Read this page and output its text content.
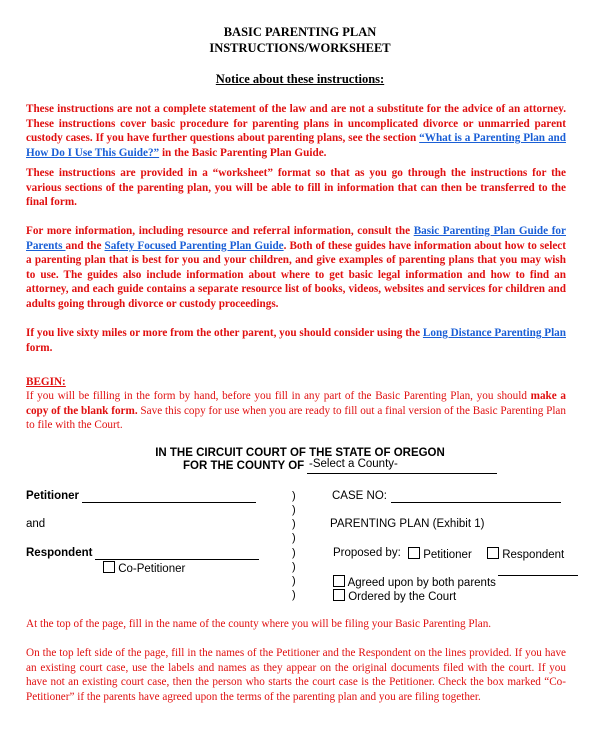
BASIC PARENTING PLAN
INSTRUCTIONS/WORKSHEET
Notice about these instructions:
These instructions are not a complete statement of the law and are not a substitute for the advice of an attorney. These instructions cover basic procedure for parenting plans in uncomplicated divorce or unmarried parent custody cases. If you have further questions about parenting plans, see the section “What is a Parenting Plan and How Do I Use This Guide?” in the Basic Parenting Plan Guide.
These instructions are provided in a “worksheet” format so that as you go through the instructions for the various sections of the parenting plan, you will be able to fill in information that can then be transferred to the final form.
For more information, including resource and referral information, consult the Basic Parenting Plan Guide for Parents and the Safety Focused Parenting Plan Guide. Both of these guides have information about how to select a parenting plan that is best for you and your children, and give examples of parenting plans that you may wish to use. The guides also include information about where to get basic legal information and how to find an attorney, and each guide contains a separate resource list of books, videos, websites and services for children and adults going through divorce or custody proceedings.
If you live sixty miles or more from the other parent, you should consider using the Long Distance Parenting Plan form.
BEGIN:
If you will be filling in the form by hand, before you fill in any part of the Basic Parenting Plan, you should make a copy of the blank form. Save this copy for use when you are ready to fill out a final version of the Basic Parenting Plan to file with the Court.
IN THE CIRCUIT COURT OF THE STATE OF OREGON
FOR THE COUNTY OF -Select a County-
Petitioner
and
Respondent
Co-Petitioner
)
)
)
)
)
)
)
)
CASE NO:
PARENTING PLAN (Exhibit 1)
Proposed by:	Petitioner	Respondent
Agreed upon by both parents
Ordered by the Court
At the top of the page, fill in the name of the county where you will be filing your Basic Parenting Plan.
On the top left side of the page, fill in the names of the Petitioner and the Respondent on the lines provided. If you have an existing court case, use the labels and names as they appear on the original documents filed with the court. If you have not an existing court case, then the person who starts the court case is the Petitioner. Check the box marked “Co-Petitioner” if the parents have agreed upon the terms of the parenting plan and you are filing together.
